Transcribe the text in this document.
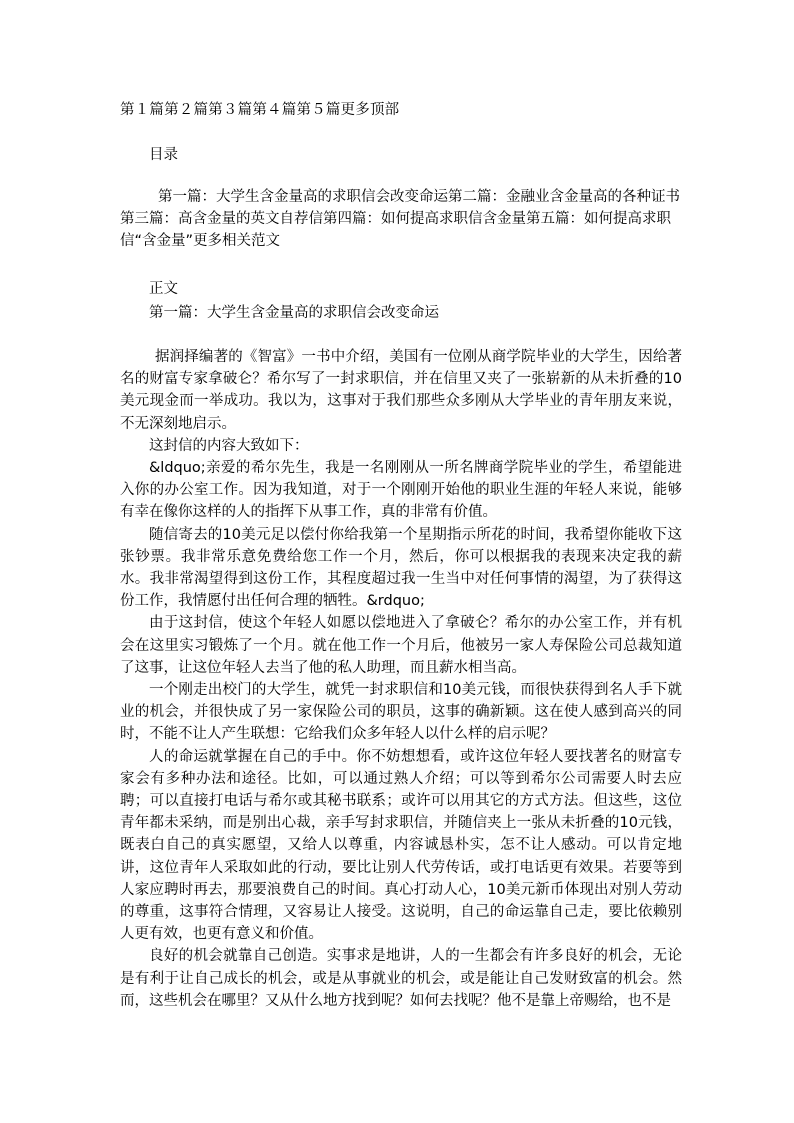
第１篇第２篇第３篇第４篇第５篇更多顶部
目录
第一篇：大学生含金量高的求职信会改变命运第二篇：金融业含金量高的各种证书第三篇：高含金量的英文自荐信第四篇：如何提高求职信含金量第五篇：如何提高求职信“含金量”更多相关范文
正文
第一篇：大学生含金量高的求职信会改变命运

据润择编著的《智富》一书中介绍，美国有一位刚从商学院毕业的大学生，因给著名的财富专家拿破仑？希尔写了一封求职信，并在信里又夹了一张崭新的从未折叠的10美元现金而一举成功。我以为，这事对于我们那些众多刚从大学毕业的青年朋友来说，不无深刻地启示。

这封信的内容大致如下：

&ldquo;亲爱的希尔先生，我是一名刚刚从一所名牌商学院毕业的学生，希望能进入你的办公室工作。因为我知道，对于一个刚刚开始他的职业生涯的年轻人来说，能够有幸在像你这样的人的指挥下从事工作，真的非常有价值。

随信寄去的10美元足以偿付你给我第一个星期指示所花的时间，我希望你能收下这张钞票。我非常乐意免费给您工作一个月，然后，你可以根据我的表现来决定我的薪水。我非常渴望得到这份工作，其程度超过我一生当中对任何事情的渴望，为了获得这份工作，我情愿付出任何合理的牺牲。&rdquo;

由于这封信，使这个年轻人如愿以偿地进入了拿破仑？希尔的办公室工作，并有机会在这里实习锻炼了一个月。就在他工作一个月后，他被另一家人寿保险公司总裁知道了这事，让这位年轻人去当了他的私人助理，而且薪水相当高。

一个刚走出校门的大学生，就凭一封求职信和10美元钱，而很快获得到名人手下就业的机会，并很快成了另一家保险公司的职员，这事的确新颖。这在使人感到高兴的同时，不能不让人产生联想：它给我们众多年轻人以什么样的启示呢？

人的命运就掌握在自己的手中。你不妨想想看，或许这位年轻人要找著名的财富专家会有多种办法和途径。比如，可以通过熟人介绍；可以等到希尔公司需要人时去应聘；可以直接打电话与希尔或其秘书联系；或许可以用其它的方式方法。但这些，这位青年都未采纳，而是别出心裁，亲手写封求职信，并随信夹上一张从未折叠的10元钱，既表白自己的真实愿望，又给人以尊重，内容诚恳朴实，怎不让人感动。可以肯定地讲，这位青年人采取如此的行动，要比让别人代劳传话，或打电话更有效果。若要等到人家应聘时再去，那要浪费自己的时间。真心打动人心，10美元新币体现出对别人劳动的尊重，这事符合情理，又容易让人接受。这说明，自己的命运靠自己走，要比依赖别人更有效，也更有意义和价值。

良好的机会就靠自己创造。实事求是地讲，人的一生都会有许多良好的机会，无论是有利于让自己成长的机会，或是从事就业的机会，或是能让自己发财致富的机会。然而，这些机会在哪里？又从什么地方找到呢？如何去找呢？他不是靠上帝赐给，也不是
